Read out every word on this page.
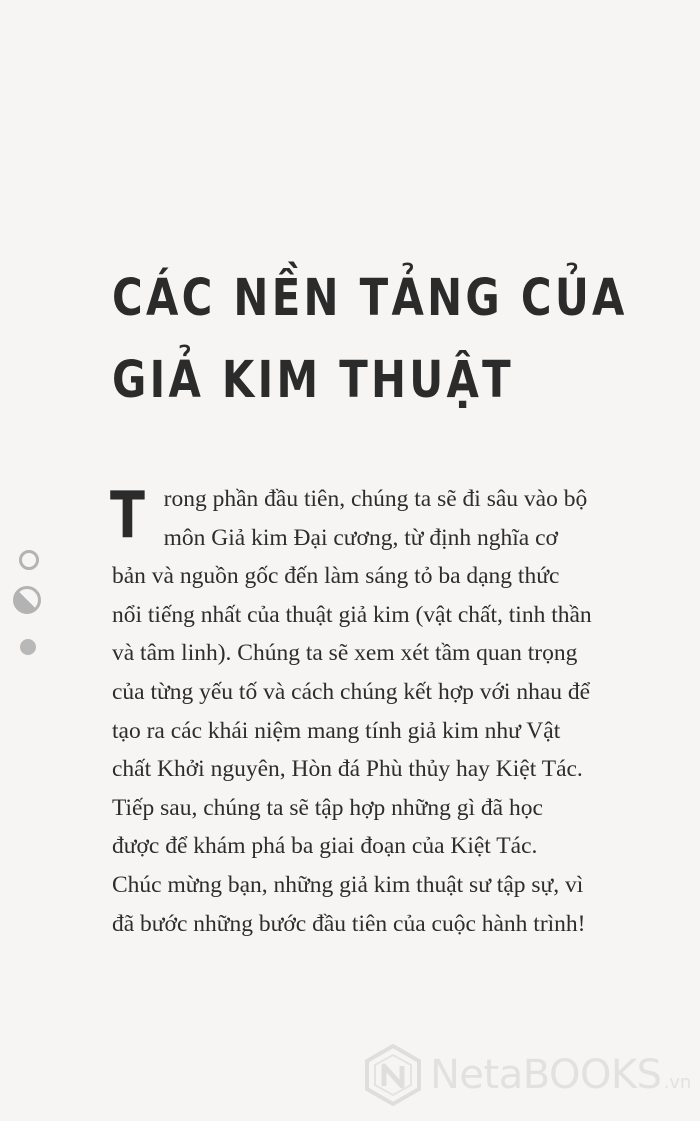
CÁC NỀN TẢNG CỦA
GIẢ KIM THUẬT

Trong phần đầu tiên, chúng ta sẽ đi sâu vào bộ môn Giả kim Đại cương, từ định nghĩa cơ bản và nguồn gốc đến làm sáng tỏ ba dạng thức nổi tiếng nhất của thuật giả kim (vật chất, tinh thần và tâm linh). Chúng ta sẽ xem xét tầm quan trọng của từng yếu tố và cách chúng kết hợp với nhau để tạo ra các khái niệm mang tính giả kim như Vật chất Khởi nguyên, Hòn đá Phù thủy hay Kiệt Tác. Tiếp sau, chúng ta sẽ tập hợp những gì đã học được để khám phá ba giai đoạn của Kiệt Tác. Chúc mừng bạn, những giả kim thuật sư tập sự, vì đã bước những bước đầu tiên của cuộc hành trình!

NetaBOOKS .vn
